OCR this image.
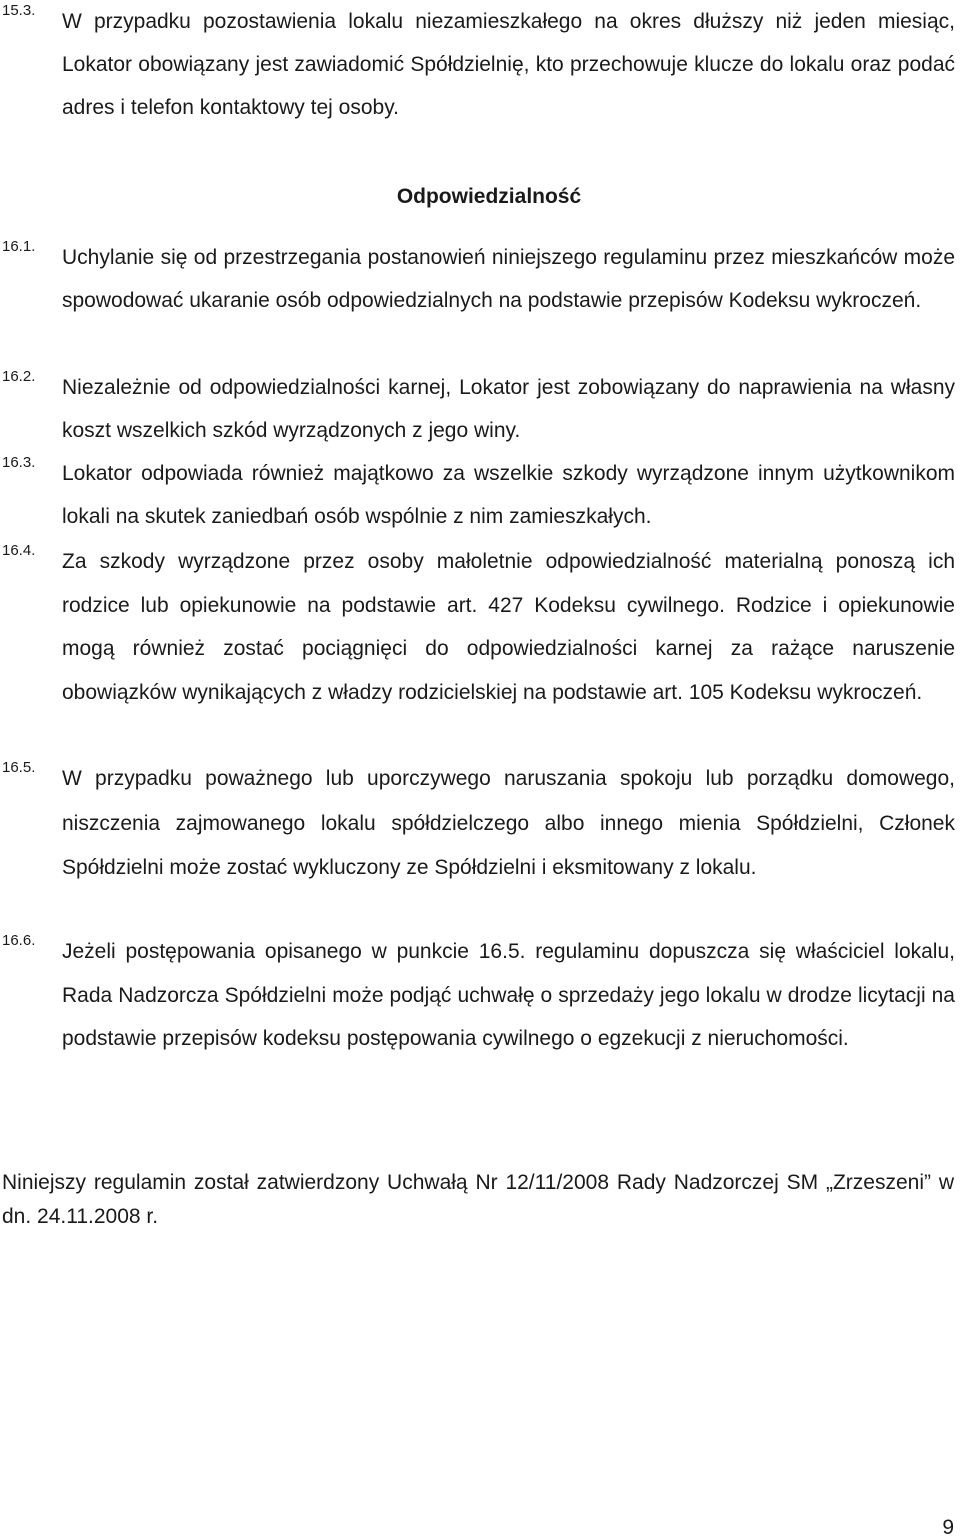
15.3. W przypadku pozostawienia lokalu niezamieszkałego na okres dłuższy niż jeden miesiąc, Lokator obowiązany jest zawiadomić Spółdzielnię, kto przechowuje klucze do lokalu oraz podać adres i telefon kontaktowy tej osoby.
Odpowiedzialność
16.1. Uchylanie się od przestrzegania postanowień niniejszego regulaminu przez mieszkańców może spowodować ukaranie osób odpowiedzialnych na podstawie przepisów Kodeksu wykroczeń.
16.2. Niezależnie od odpowiedzialności karnej, Lokator jest zobowiązany do naprawienia na własny koszt wszelkich szkód wyrządzonych z jego winy.
16.3. Lokator odpowiada również majątkowo za wszelkie szkody wyrządzone innym użytkownikom lokali na skutek zaniedbań osób wspólnie z nim zamieszkałych.
16.4. Za szkody wyrządzone przez osoby małoletnie odpowiedzialność materialną ponoszą ich rodzice lub opiekunowie na podstawie art. 427 Kodeksu cywilnego. Rodzice i opiekunowie mogą również zostać pociągnięci do odpowiedzialności karnej za rażące naruszenie obowiązków wynikających z władzy rodzicielskiej na podstawie art. 105 Kodeksu wykroczeń.
16.5. W przypadku poważnego lub uporczywego naruszania spokoju lub porządku domowego, niszczenia zajmowanego lokalu spółdzielczego albo innego mienia Spółdzielni, Członek Spółdzielni może zostać wykluczony ze Spółdzielni i eksmitowany z lokalu.
16.6. Jeżeli postępowania opisanego w punkcie 16.5. regulaminu dopuszcza się właściciel lokalu, Rada Nadzorcza Spółdzielni może podjąć uchwałę o sprzedaży jego lokalu w drodze licytacji na podstawie przepisów kodeksu postępowania cywilnego o egzekucji z nieruchomości.
Niniejszy regulamin został zatwierdzony Uchwałą Nr 12/11/2008 Rady Nadzorczej SM „Zrzeszeni” w dn. 24.11.2008 r.
9
